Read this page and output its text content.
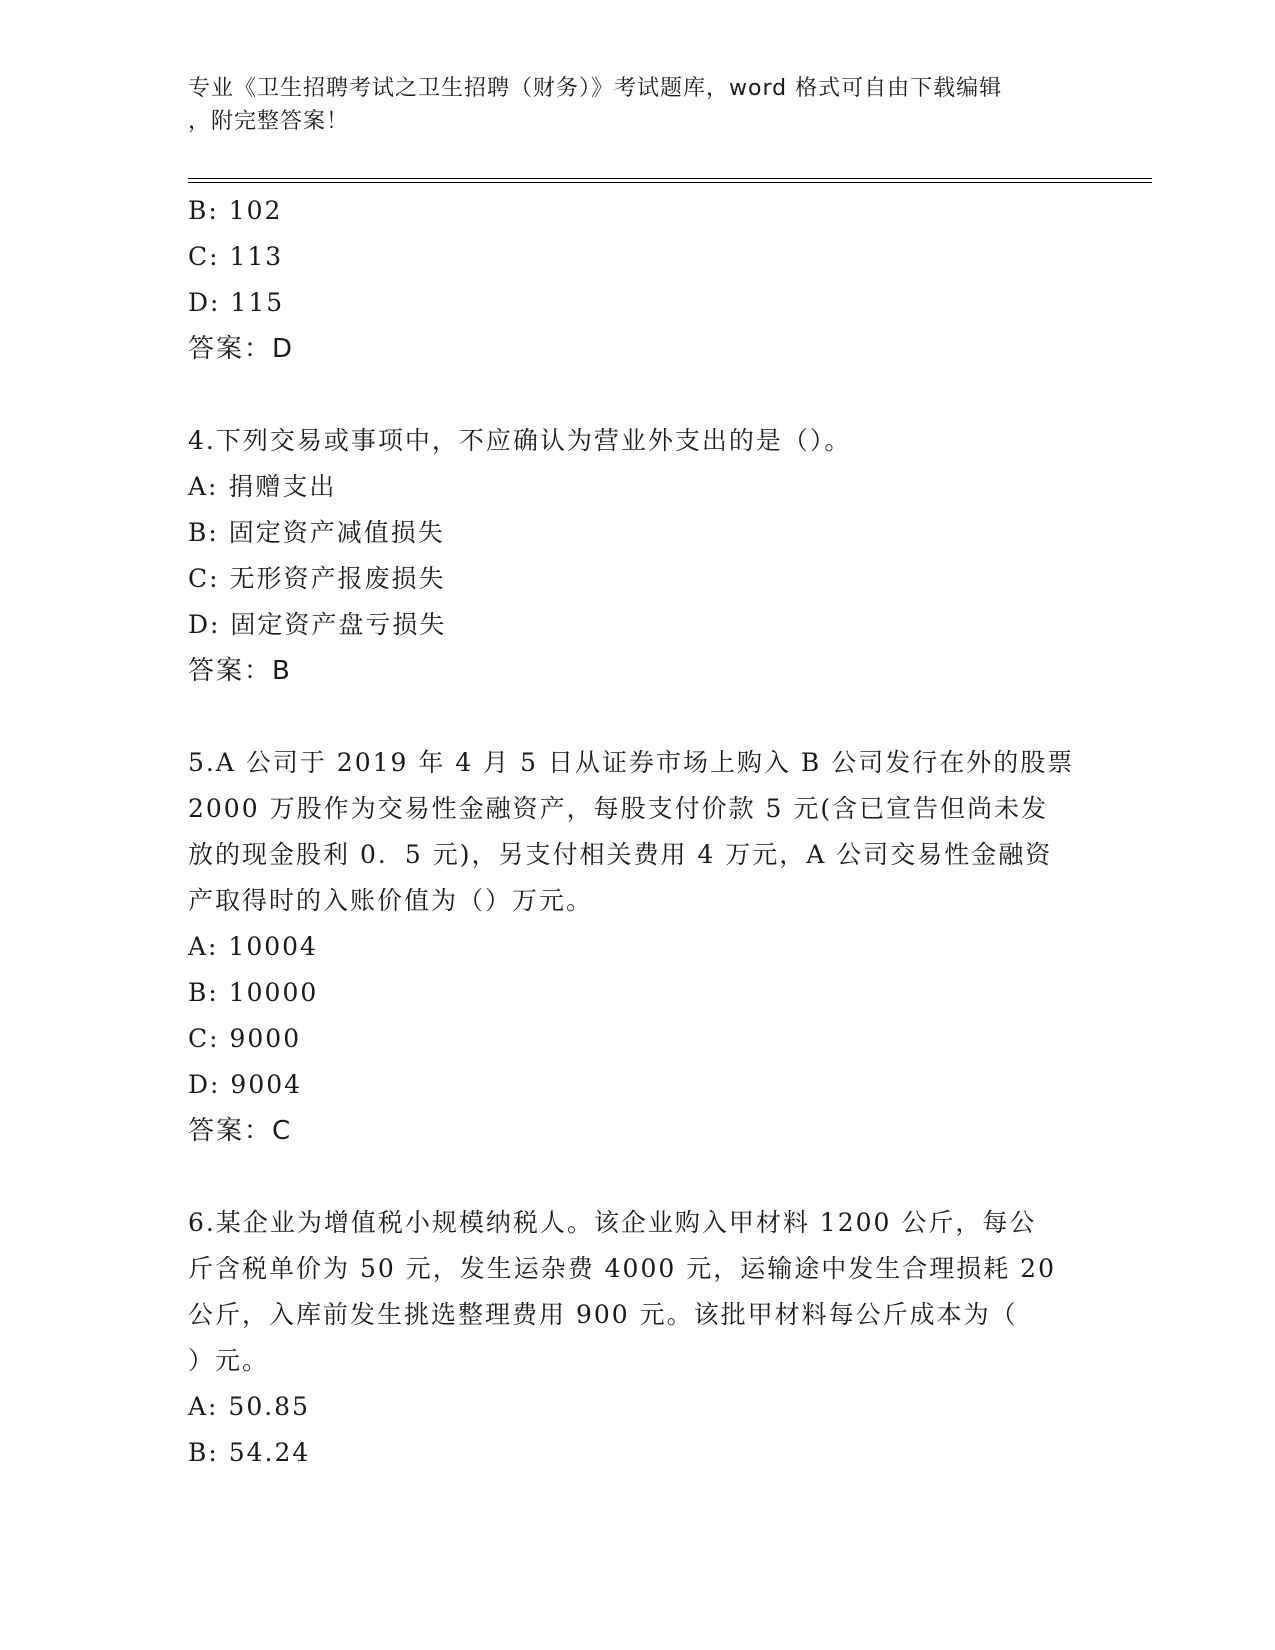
专业《卫生招聘考试之卫生招聘（财务）》考试题库，word 格式可自由下载编辑
，附完整答案！
B: 102
C: 113
D: 115
答案：D
4.下列交易或事项中，不应确认为营业外支出的是（）。
A: 捐赠支出
B: 固定资产减值损失
C: 无形资产报废损失
D: 固定资产盘亏损失
答案：B
5.A 公司于 2019 年 4 月 5 日从证券市场上购入 B 公司发行在外的股票
2000 万股作为交易性金融资产，每股支付价款 5 元(含已宣告但尚未发
放的现金股利 0．5 元)，另支付相关费用 4 万元，A 公司交易性金融资
产取得时的入账价值为（）万元。
A: 10004
B: 10000
C: 9000
D: 9004
答案：C
6.某企业为增值税小规模纳税人。该企业购入甲材料 1200 公斤，每公
斤含税单价为 50 元，发生运杂费 4000 元，运输途中发生合理损耗 20
公斤，入库前发生挑选整理费用 900 元。该批甲材料每公斤成本为（
）元。
A: 50.85
B: 54.24
